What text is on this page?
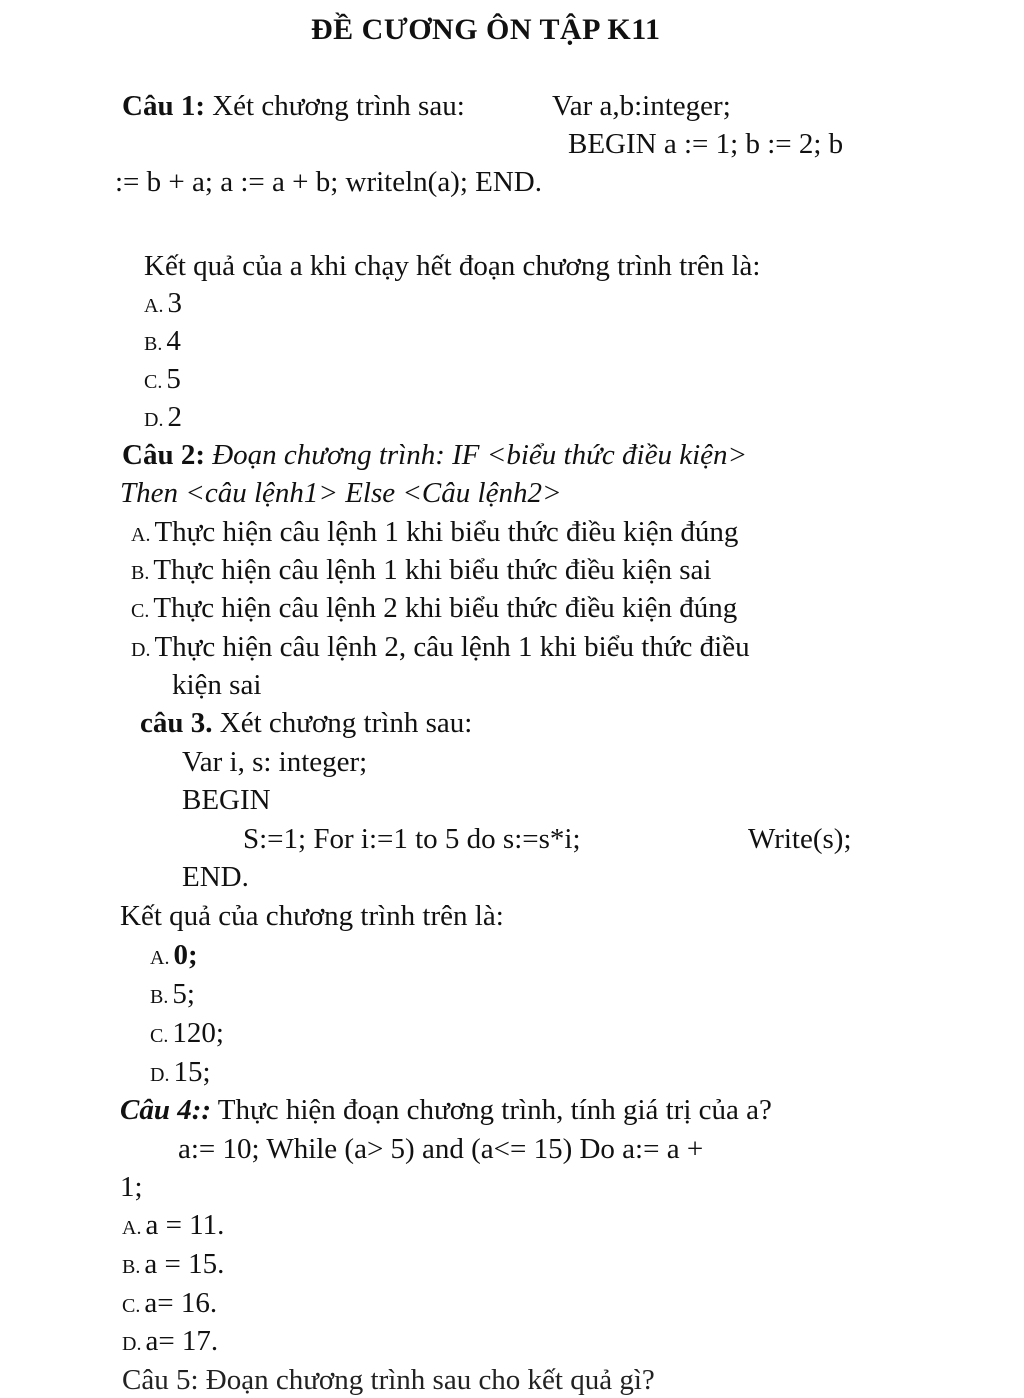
ĐỀ CƯƠNG ÔN TẬP K11
Câu 1: Xét chương trình sau:	Var a,b:integer;
BEGIN a := 1; b := 2; b
:= b + a; a := a + b; writeln(a); END.
Kết quả của a khi chạy hết đoạn chương trình trên là:
A. 3
B. 4
C. 5
D. 2
Câu 2: Đoạn chương trình: IF <biểu thức điều kiện>
Then <câu lệnh1> Else <Câu lệnh2>
A. Thực hiện câu lệnh 1 khi biểu thức điều kiện đúng
B. Thực hiện câu lệnh 1 khi biểu thức điều kiện sai
C. Thực hiện câu lệnh 2 khi biểu thức điều kiện đúng
D. Thực hiện câu lệnh 2, câu lệnh 1 khi biểu thức điều
kiện sai
câu 3. Xét chương trình sau:
Var i, s: integer;
BEGIN
S:=1; For i:=1 to 5 do s:=s*i;	Write(s);
END.
Kết quả của chương trình trên là:
A. 0;
B. 5;
C. 120;
D. 15;
Câu 4:: Thực hiện đoạn chương trình, tính giá trị của a?
a:= 10; While (a> 5) and (a<= 15) Do a:= a +
1;
A. a = 11.
B. a = 15.
C. a= 16.
D. a= 17.
Câu 5: Đoạn chương trình sau cho kết quả gì?
